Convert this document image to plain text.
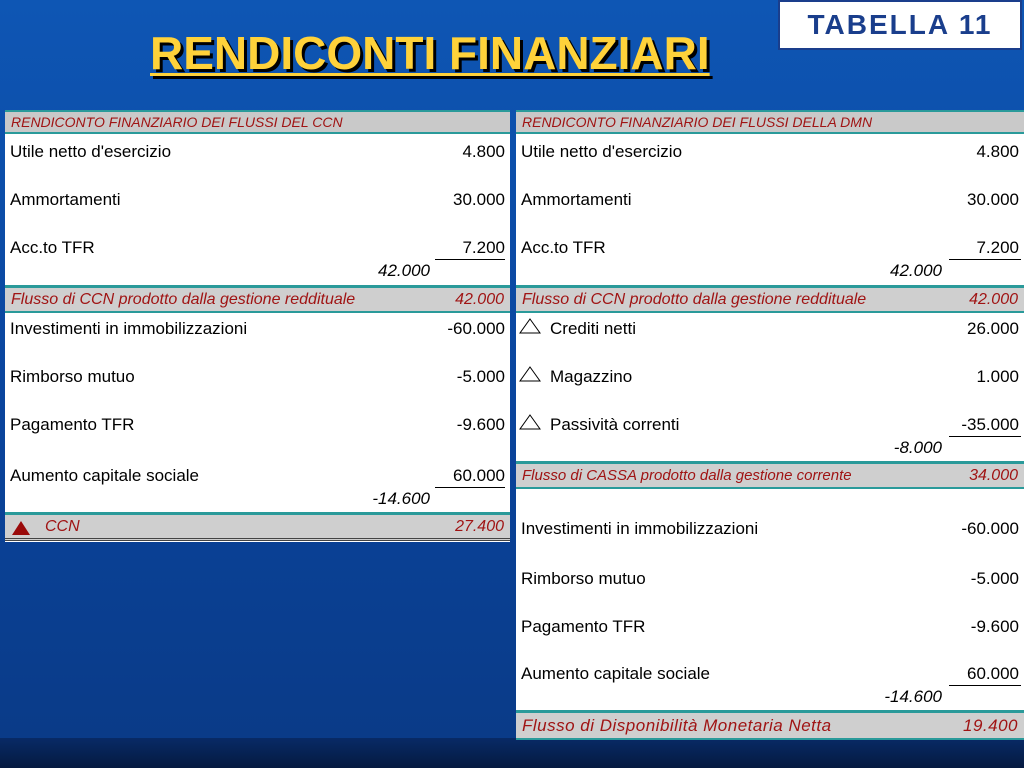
RENDICONTI FINANZIARI
TABELLA 11
RENDICONTO FINANZIARIO DEI FLUSSI DEL CCN
Utile netto d'esercizio	4.800
Ammortamenti	30.000
Acc.to TFR	7.200
42.000
Flusso di CCN prodotto dalla gestione reddituale	42.000
Investimenti in immobilizzazioni	-60.000
Rimborso mutuo	-5.000
Pagamento TFR	-9.600
Aumento capitale sociale	60.000
-14.600
CCN	27.400
RENDICONTO FINANZIARIO DEI FLUSSI DELLA DMN
Utile netto d'esercizio	4.800
Ammortamenti	30.000
Acc.to TFR	7.200
42.000
Flusso di CCN prodotto dalla gestione reddituale	42.000
Crediti netti	26.000
Magazzino	1.000
Passività correnti	-35.000
-8.000
Flusso di CASSA prodotto dalla gestione corrente	34.000
Investimenti in immobilizzazioni	-60.000
Rimborso mutuo	-5.000
Pagamento TFR	-9.600
Aumento capitale sociale	60.000
-14.600
Flusso di Disponibilità Monetaria Netta	19.400
